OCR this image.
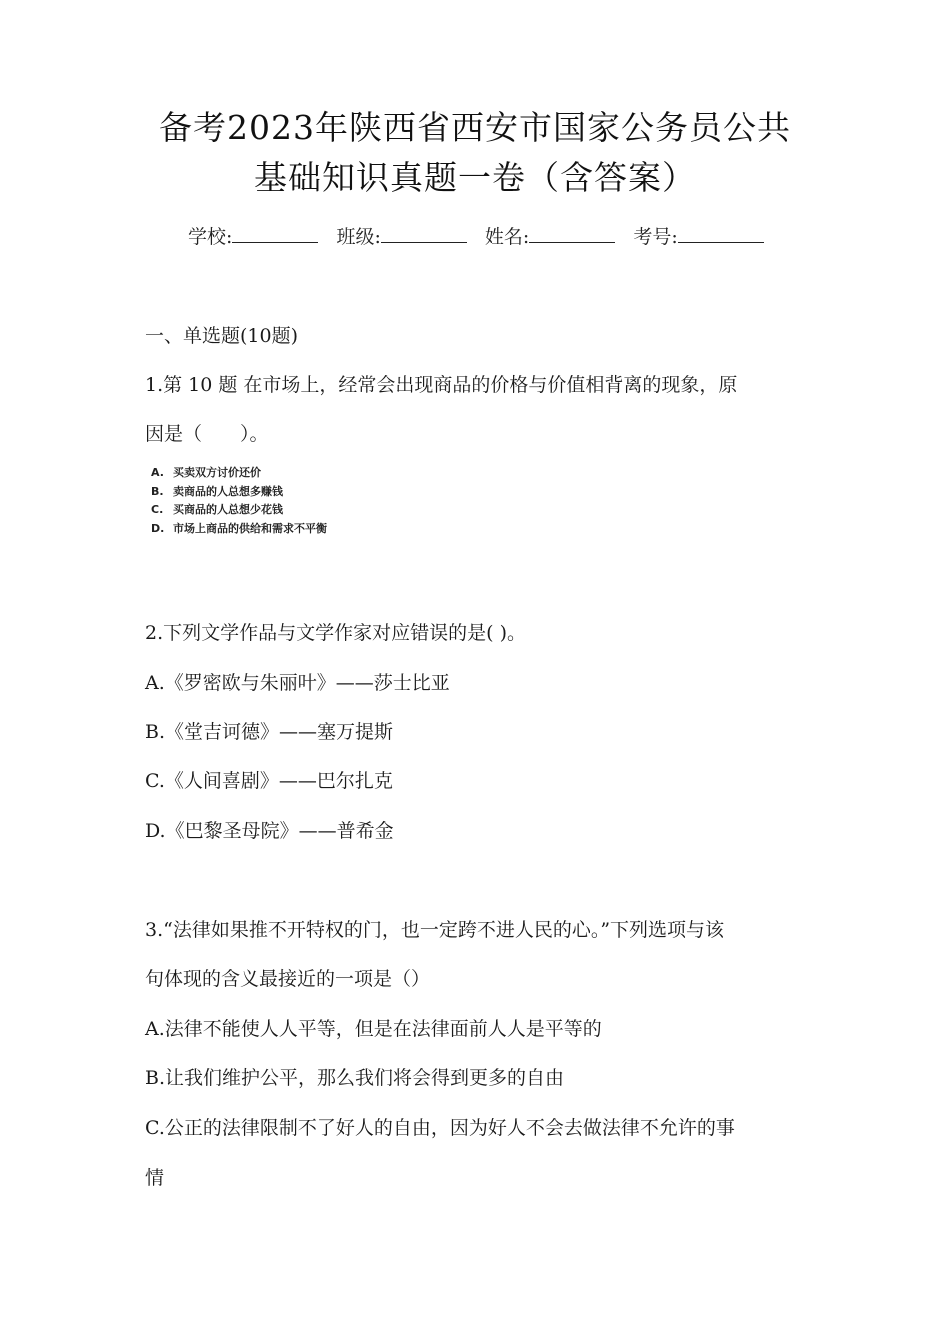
备考2023年陕西省西安市国家公务员公共
基础知识真题一卷（含答案）
学校:	班级:	姓名:	考号:
一、单选题(10题)
1.第 10 题 在市场上，经常会出现商品的价格与价值相背离的现象，原
因是（　　）。
A. 买卖双方讨价还价
B. 卖商品的人总想多赚钱
C. 买商品的人总想少花钱
D. 市场上商品的供给和需求不平衡
2.下列文学作品与文学作家对应错误的是( )。
A.《罗密欧与朱丽叶》——莎士比亚
B.《堂吉诃德》——塞万提斯
C.《人间喜剧》——巴尔扎克
D.《巴黎圣母院》——普希金
3.“法律如果推不开特权的门，也一定跨不进人民的心。”下列选项与该
句体现的含义最接近的一项是（）
A.法律不能使人人平等，但是在法律面前人人是平等的
B.让我们维护公平，那么我们将会得到更多的自由
C.公正的法律限制不了好人的自由，因为好人不会去做法律不允许的事
情
